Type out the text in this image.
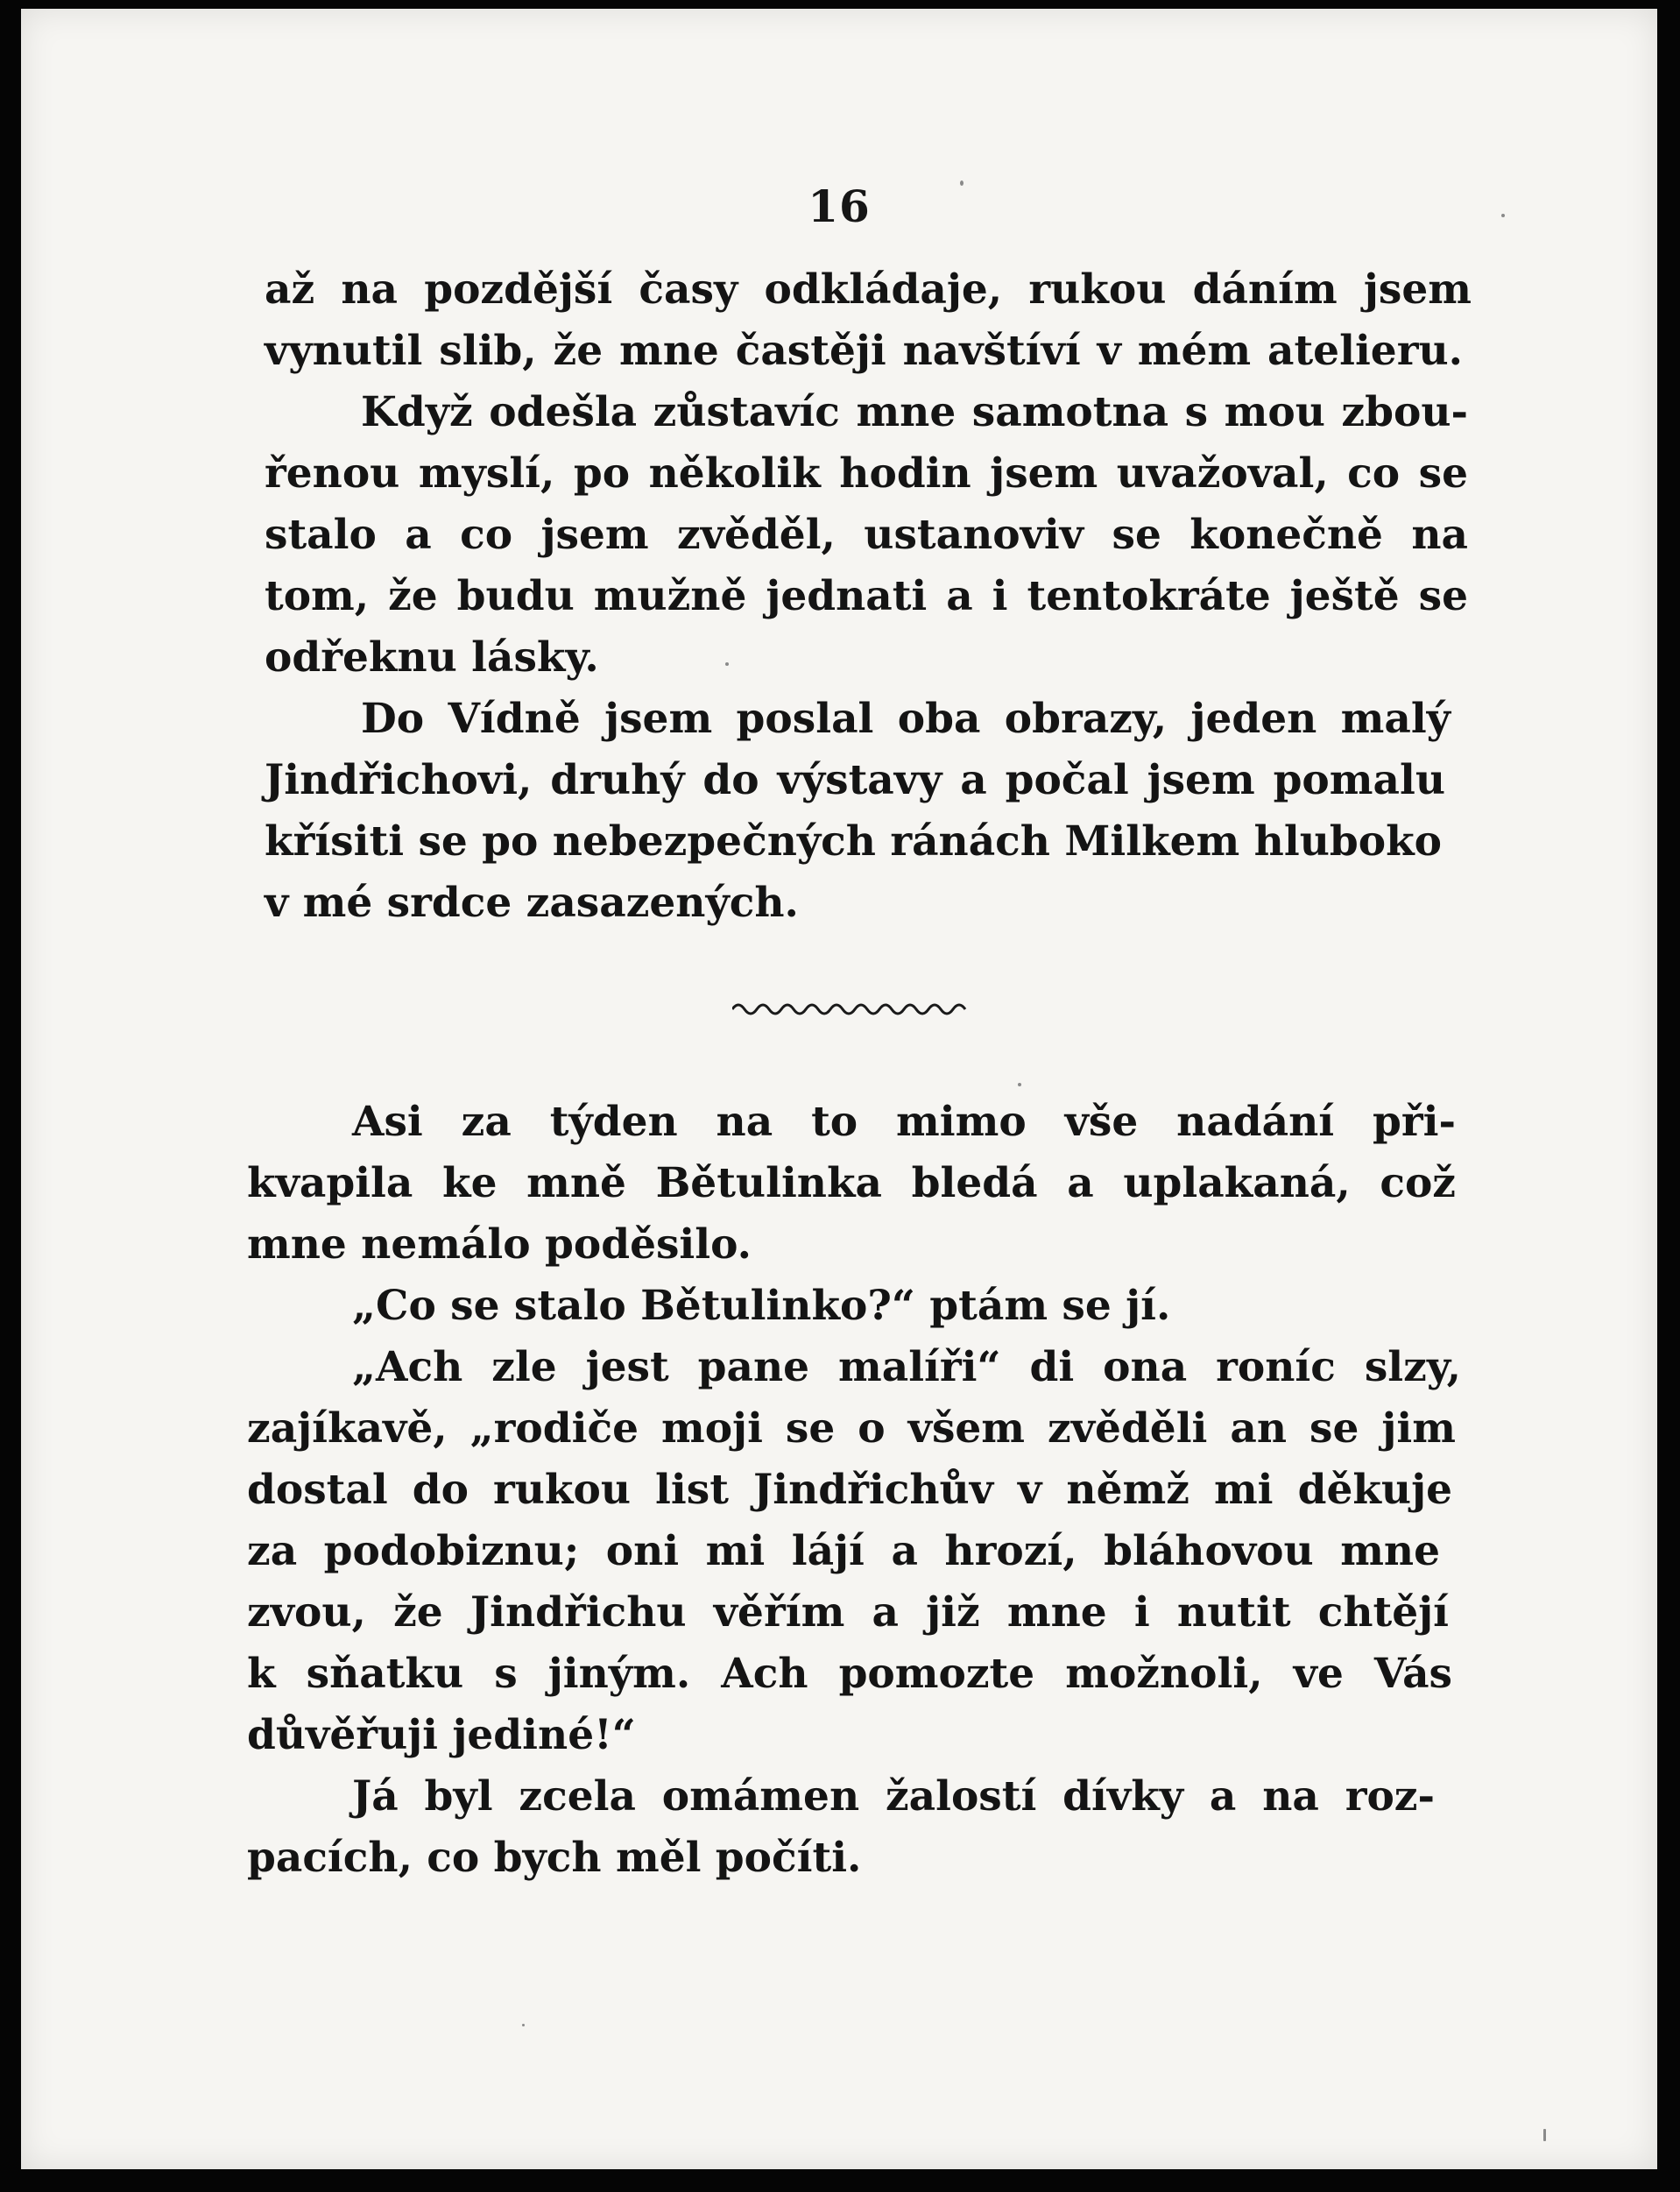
16
až na pozdější časy odkládaje, rukou dáním jsem
vynutil slib, že mne častěji navštíví v mém atelieru.
Když odešla zůstavíc mne samotna s mou zbou-
řenou myslí, po několik hodin jsem uvažoval, co se
stalo a co jsem zvěděl, ustanoviv se konečně na
tom, že budu mužně jednati a i tentokráte ještě se
odřeknu lásky.
Do Vídně jsem poslal oba obrazy, jeden malý
Jindřichovi, druhý do výstavy a počal jsem pomalu
křísiti se po nebezpečných ránách Milkem hluboko
v mé srdce zasazených.
Asi za týden na to mimo vše nadání při-
kvapila ke mně Bětulinka bledá a uplakaná, což
mne nemálo poděsilo.
„Co se stalo Bětulinko?“ ptám se jí.
„Ach zle jest pane malíři“ di ona roníc slzy,
zajíkavě, „rodiče moji se o všem zvěděli an se jim
dostal do rukou list Jindřichův v němž mi děkuje
za podobiznu; oni mi lájí a hrozí, bláhovou mne
zvou, že Jindřichu věřím a již mne i nutit chtějí
k sňatku s jiným. Ach pomozte možnoli, ve Vás
důvěřuji jediné!“
Já byl zcela omámen žalostí dívky a na roz-
pacích, co bych měl počíti.
